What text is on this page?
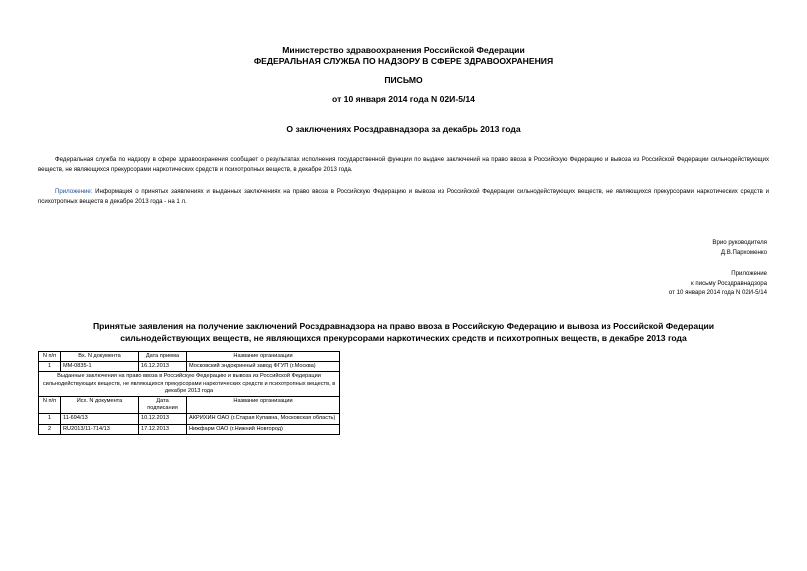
Министерство здравоохранения Российской Федерации
ФЕДЕРАЛЬНАЯ СЛУЖБА ПО НАДЗОРУ В СФЕРЕ ЗДРАВООХРАНЕНИЯ
ПИСЬМО
от 10 января 2014 года N 02И-5/14
О заключениях Росздравнадзора за декабрь 2013 года
Федеральная служба по надзору в сфере здравоохранения сообщает о результатах исполнения государственной функции по выдаче заключений на право ввоза в Российскую Федерацию и вывоза из Российской Федерации сильнодействующих веществ, не являющихся прекурсорами наркотических средств и психотропных веществ, в декабре 2013 года.
Приложение: Информация о принятых заявлениях и выданных заключениях на право ввоза в Российскую Федерацию и вывоза из Российской Федерации сильнодействующих веществ, не являющихся прекурсорами наркотических средств и психотропных веществ в декабре 2013 года - на 1 л.
Врио руководителя
Д.В.Пархоменко
Приложение
к письму Росздравнадзора
от 10 января 2014 года N 02И-5/14
Принятые заявления на получение заключений Росздравнадзора на право ввоза в Российскую Федерацию и вывоза из Российской Федерации
сильнодействующих веществ, не являющихся прекурсорами наркотических средств и психотропных веществ, в декабре 2013 года
N п/п	Вх. N документа	Дата приема	Название организации
1	ММ-0835-1	16.12.2013	Московский эндокринный завод ФГУП (г.Москва)
Выданные заключения на право ввоза в Российскую Федерацию и вывоза из Российской Федерации сильнодействующих веществ, не являющихся прекурсорами наркотических средств и психотропных веществ, в декабре 2013 года			
N п/п	Исх. N документа	Дата подписания	Название организации
1	11-694/13	10.12.2013	АКРИХИН ОАО (г.Старая Купавна, Московская область)
2	RU2013/11-714/13	17.12.2013	Нижфарм ОАО (г.Нижний Новгород)
